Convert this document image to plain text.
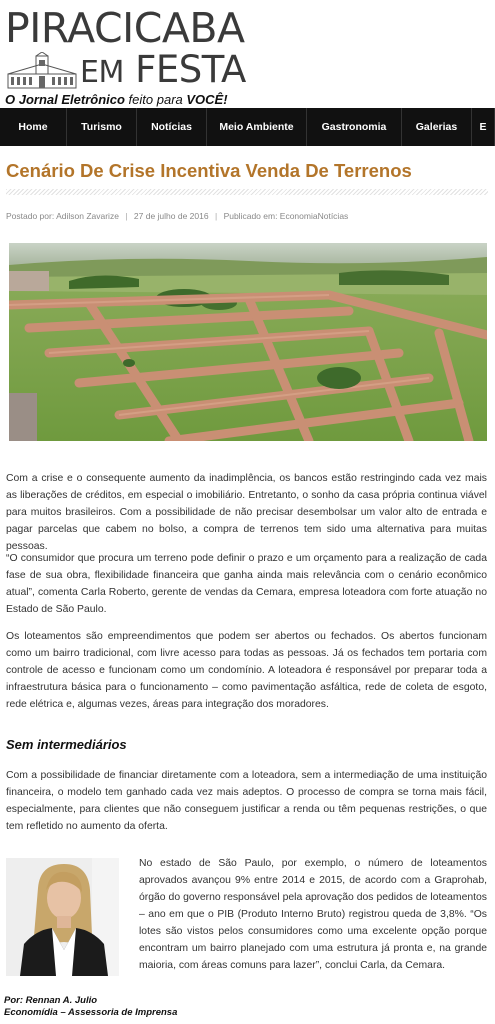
PIRACICABA
EM FESTA
O Jornal Eletrônico feito para VOCÊ!
Home	Turismo	Notícias	Meio Ambiente	Gastronomia	Galerias	E
Cenário De Crise Incentiva Venda De Terrenos
Postado por: Adilson Zavarize | 27 de julho de 2016 | Publicado em: EconomiaNotícias
Com a crise e o consequente aumento da inadimplência, os bancos estão restringindo cada vez mais as liberações de créditos, em especial o imobiliário. Entretanto, o sonho da casa própria continua viável para muitos brasileiros. Com a possibilidade de não precisar desembolsar um valor alto de entrada e pagar parcelas que cabem no bolso, a compra de terrenos tem sido uma alternativa para muitas pessoas.
“O consumidor que procura um terreno pode definir o prazo e um orçamento para a realização de cada fase de sua obra, flexibilidade financeira que ganha ainda mais relevância com o cenário econômico atual”, comenta Carla Roberto, gerente de vendas da Cemara, empresa loteadora com forte atuação no Estado de São Paulo.
Os loteamentos são empreendimentos que podem ser abertos ou fechados. Os abertos funcionam como um bairro tradicional, com livre acesso para todas as pessoas. Já os fechados tem portaria com controle de acesso e funcionam como um condomínio. A loteadora é responsável por preparar toda a infraestrutura básica para o funcionamento – como pavimentação asfáltica, rede de coleta de esgoto, rede elétrica e, algumas vezes, áreas para integração dos moradores.
Sem intermediários
Com a possibilidade de financiar diretamente com a loteadora, sem a intermediação de uma instituição financeira, o modelo tem ganhado cada vez mais adeptos. O processo de compra se torna mais fácil, especialmente, para clientes que não conseguem justificar a renda ou têm pequenas restrições, o que tem refletido no aumento da oferta.
No estado de São Paulo, por exemplo, o número de loteamentos aprovados avançou 9% entre 2014 e 2015, de acordo com a Graprohab, órgão do governo responsável pela aprovação dos pedidos de loteamentos – ano em que o PIB (Produto Interno Bruto) registrou queda de 3,8%. “Os lotes são vistos pelos consumidores como uma excelente opção porque encontram um bairro planejado com uma estrutura já pronta e, na grande maioria, com áreas comuns para lazer”, conclui Carla, da Cemara.
Por: Rennan A. Julio
Economídia – Assessoria de Imprensa
